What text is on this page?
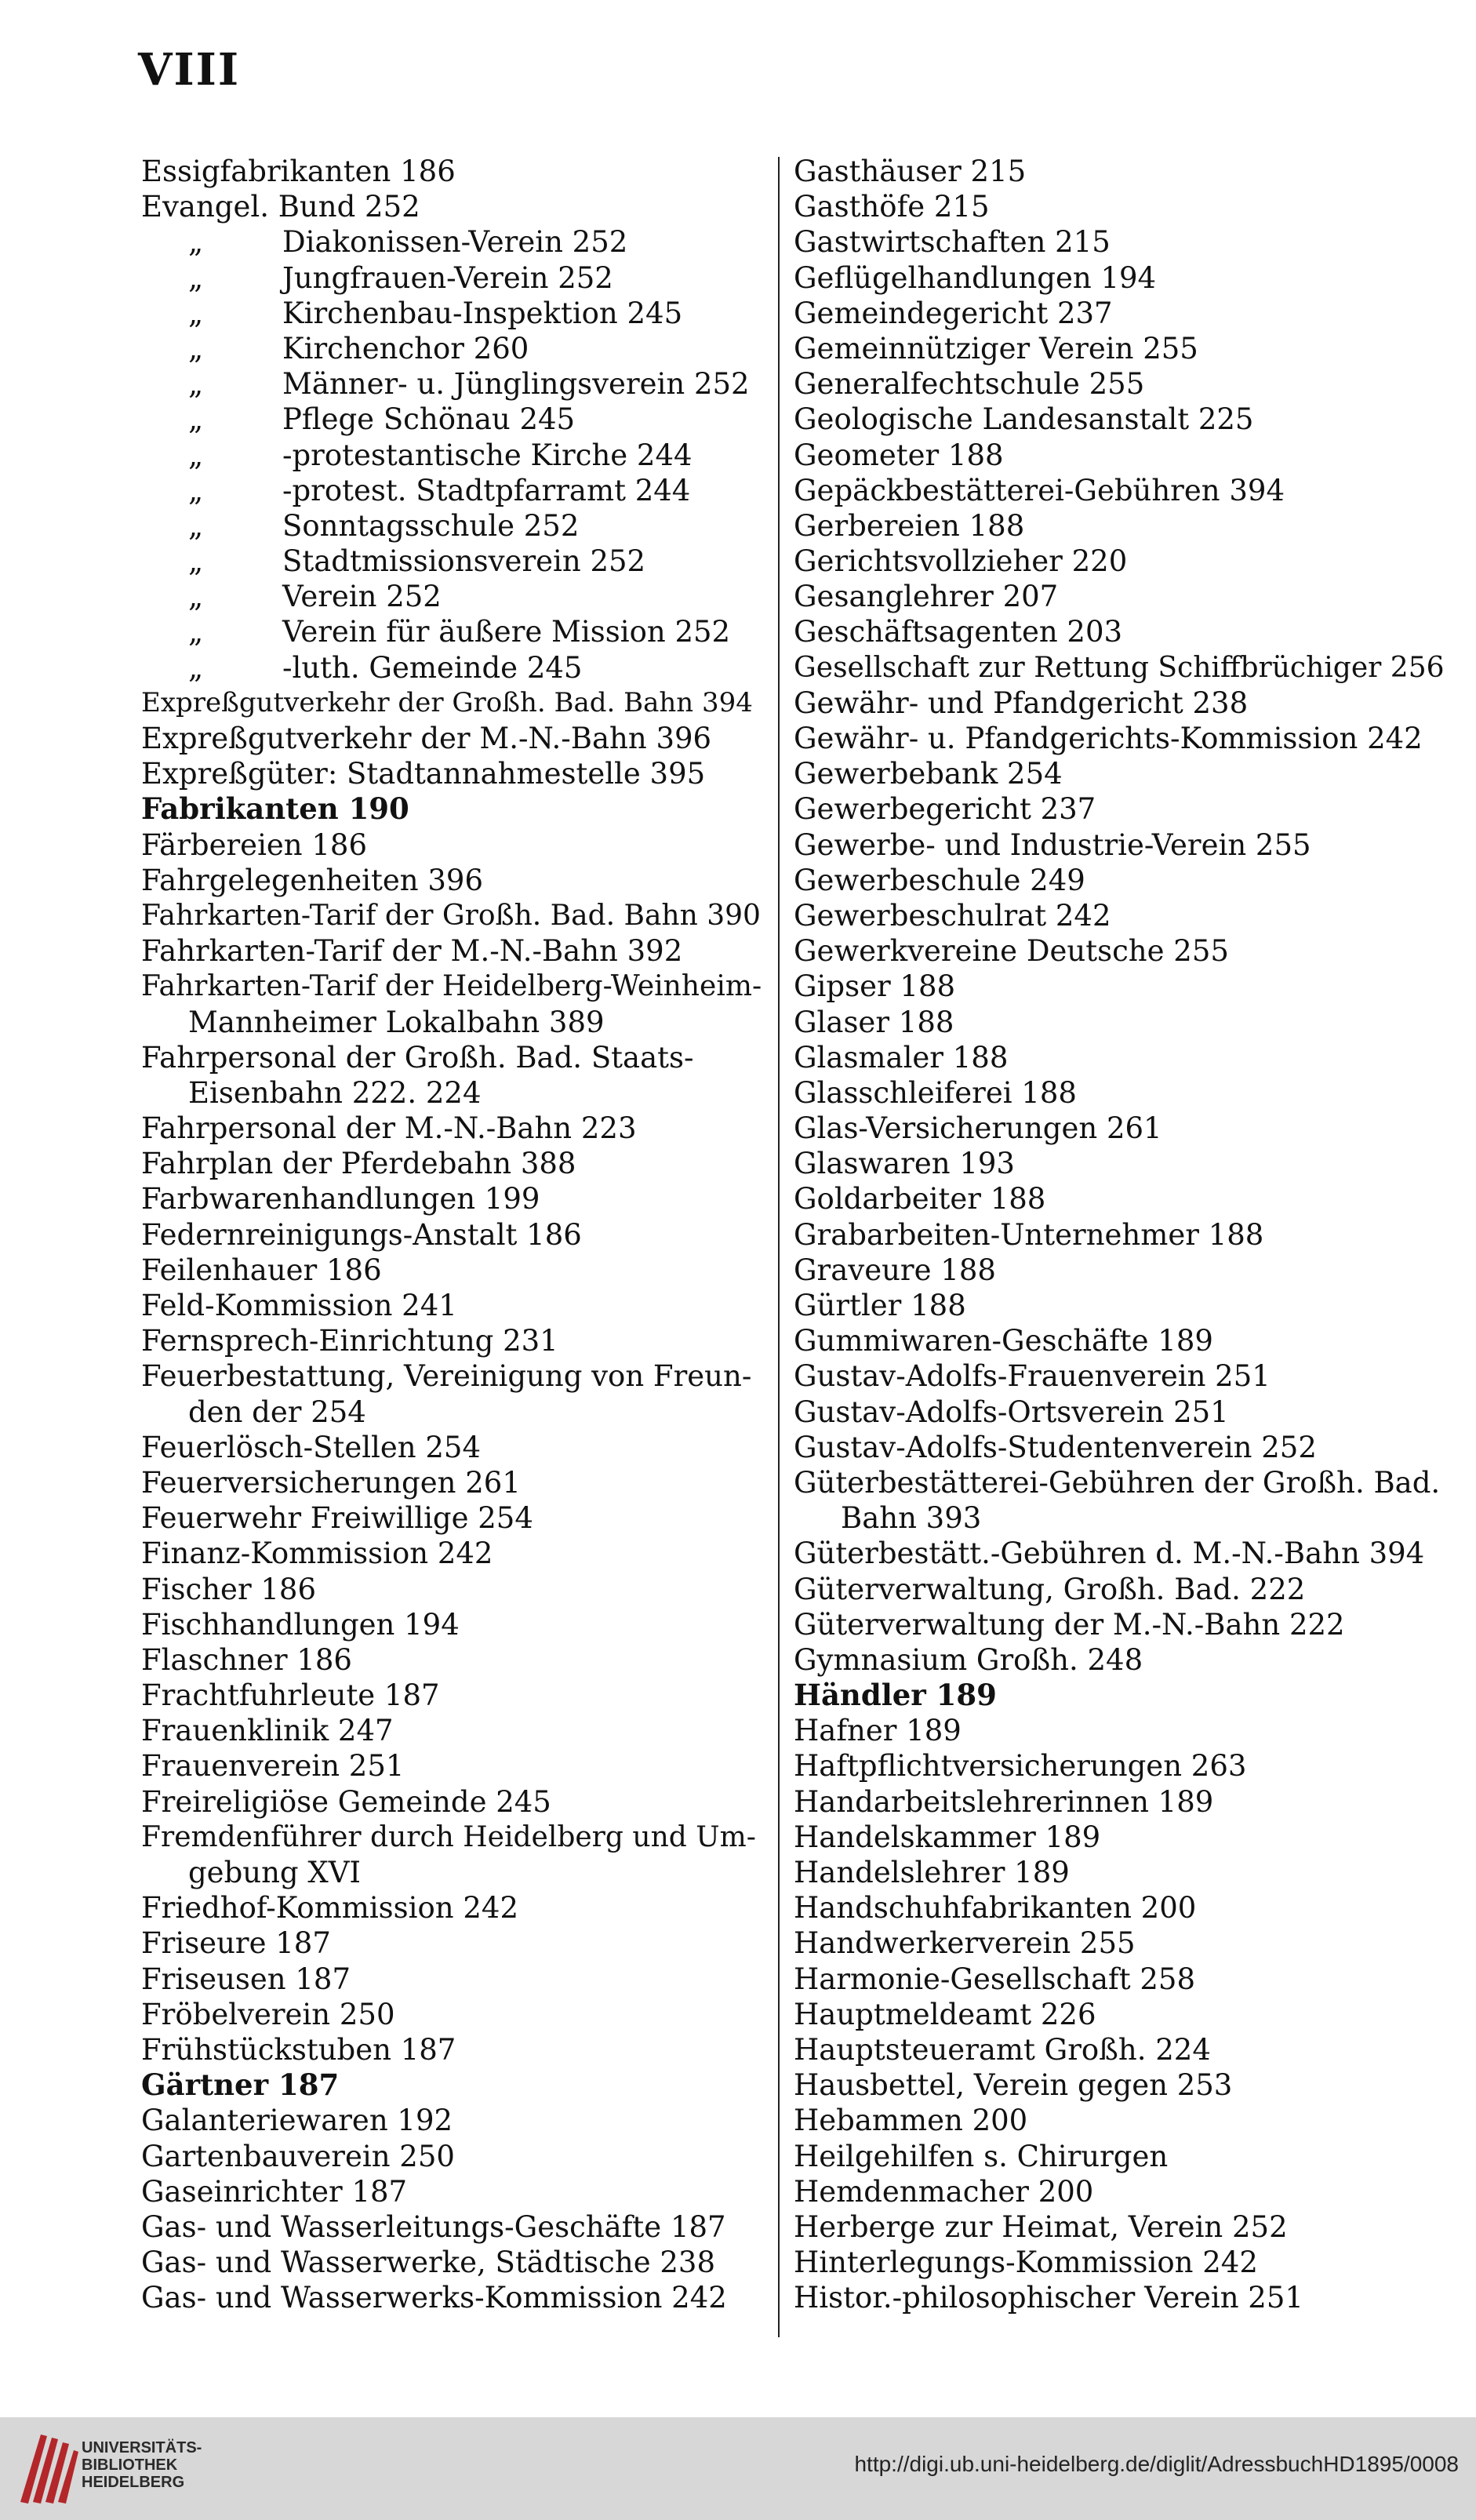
VIII
Essigfabrikanten 186
Evangel. Bund 252
„	Diakonissen-Verein 252
„	Jungfrauen-Verein 252
„	Kirchenbau-Inspektion 245
„	Kirchenchor 260
„	Männer- u. Jünglingsverein 252
„	Pflege Schönau 245
„	-protestantische Kirche 244
„	-protest. Stadtpfarramt 244
„	Sonntagsschule 252
„	Stadtmissionsverein 252
„	Verein 252
„	Verein für äußere Mission 252
„	-luth. Gemeinde 245
Expreßgutverkehr der Großh. Bad. Bahn 394
Expreßgutverkehr der M.-N.-Bahn 396
Expreßgüter: Stadtannahmestelle 395
Fabrikanten 190
Färbereien 186
Fahrgelegenheiten 396
Fahrkarten-Tarif der Großh. Bad. Bahn 390
Fahrkarten-Tarif der M.-N.-Bahn 392
Fahrkarten-Tarif der Heidelberg-Weinheim-
Mannheimer Lokalbahn 389
Fahrpersonal der Großh. Bad. Staats-
Eisenbahn 222. 224
Fahrpersonal der M.-N.-Bahn 223
Fahrplan der Pferdebahn 388
Farbwarenhandlungen 199
Federnreinigungs-Anstalt 186
Feilenhauer 186
Feld-Kommission 241
Fernsprech-Einrichtung 231
Feuerbestattung, Vereinigung von Freun-
den der 254
Feuerlösch-Stellen 254
Feuerversicherungen 261
Feuerwehr Freiwillige 254
Finanz-Kommission 242
Fischer 186
Fischhandlungen 194
Flaschner 186
Frachtfuhrleute 187
Frauenklinik 247
Frauenverein 251
Freireligiöse Gemeinde 245
Fremdenführer durch Heidelberg und Um-
gebung XVI
Friedhof-Kommission 242
Friseure 187
Friseusen 187
Fröbelverein 250
Frühstückstuben 187
Gärtner 187
Galanteriewaren 192
Gartenbauverein 250
Gaseinrichter 187
Gas- und Wasserleitungs-Geschäfte 187
Gas- und Wasserwerke, Städtische 238
Gas- und Wasserwerks-Kommission 242
Gasthäuser 215
Gasthöfe 215
Gastwirtschaften 215
Geflügelhandlungen 194
Gemeindegericht 237
Gemeinnütziger Verein 255
Generalfechtschule 255
Geologische Landesanstalt 225
Geometer 188
Gepäckbestätterei-Gebühren 394
Gerbereien 188
Gerichtsvollzieher 220
Gesanglehrer 207
Geschäftsagenten 203
Gesellschaft zur Rettung Schiffbrüchiger 256
Gewähr- und Pfandgericht 238
Gewähr- u. Pfandgerichts-Kommission 242
Gewerbebank 254
Gewerbegericht 237
Gewerbe- und Industrie-Verein 255
Gewerbeschule 249
Gewerbeschulrat 242
Gewerkvereine Deutsche 255
Gipser 188
Glaser 188
Glasmaler 188
Glasschleiferei 188
Glas-Versicherungen 261
Glaswaren 193
Goldarbeiter 188
Grabarbeiten-Unternehmer 188
Graveure 188
Gürtler 188
Gummiwaren-Geschäfte 189
Gustav-Adolfs-Frauenverein 251
Gustav-Adolfs-Ortsverein 251
Gustav-Adolfs-Studentenverein 252
Güterbestätterei-Gebühren der Großh. Bad.
Bahn 393
Güterbestätt.-Gebühren d. M.-N.-Bahn 394
Güterverwaltung, Großh. Bad. 222
Güterverwaltung der M.-N.-Bahn 222
Gymnasium Großh. 248
Händler 189
Hafner 189
Haftpflichtversicherungen 263
Handarbeitslehrerinnen 189
Handelskammer 189
Handelslehrer 189
Handschuhfabrikanten 200
Handwerkerverein 255
Harmonie-Gesellschaft 258
Hauptmeldeamt 226
Hauptsteueramt Großh. 224
Hausbettel, Verein gegen 253
Hebammen 200
Heilgehilfen s. Chirurgen
Hemdenmacher 200
Herberge zur Heimat, Verein 252
Hinterlegungs-Kommission 242
Histor.-philosophischer Verein 251
UNIVERSITÄTS-
BIBLIOTHEK
HEIDELBERG
http://digi.ub.uni-heidelberg.de/diglit/AdressbuchHD1895/0008
